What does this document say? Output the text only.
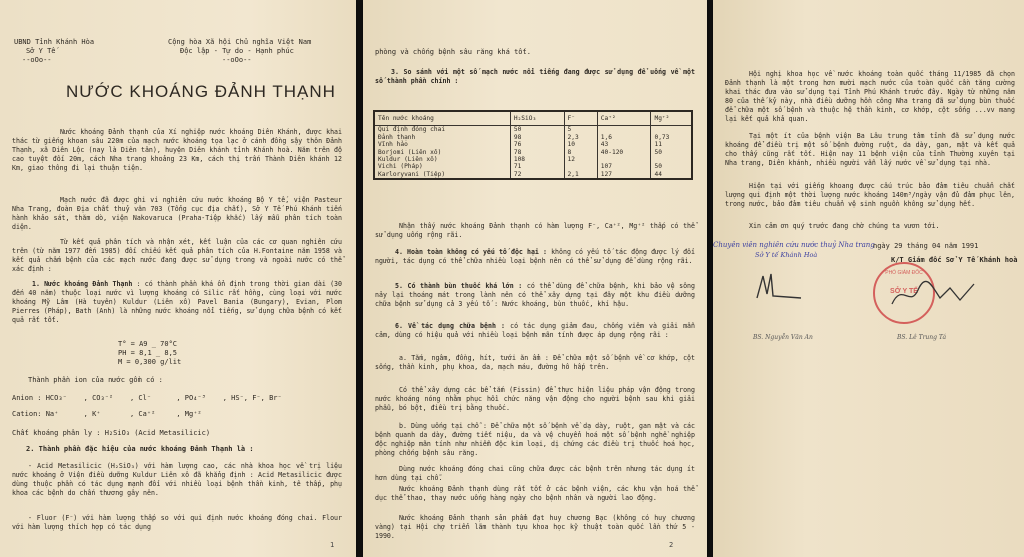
UBND Tỉnh Khánh Hòa
Sở Y Tế
--oOo--
Cộng hòa Xã hội Chủ nghĩa Việt Nam
Độc lập - Tự do - Hạnh phúc
--oOo--
NƯỚC KHOÁNG ĐẢNH THẠNH
Nước khoáng Đảnh thạnh của Xí nghiệp nước khoáng Diên Khánh, được khai thác từ giếng khoan sâu 220m của mạch nước khoáng tọa lạc ở cánh đồng sậy thôn Đảnh Thạnh, xã Diên Lộc (nay là Diên tân), huyện Diên khánh tỉnh Khánh hoà. Năm trên độ cao tuyệt đối 20m, cách Nha trang khoảng 23 Km, cách thị trấn Thành Diên khánh 12 Km, giao thông đi lại thuận tiện.
Mạch nước đã được ghi vi nghiên cứu nước khoáng Bộ Y tế, viện Pasteur Nha Trang, đoàn Địa chất thuỷ văn 703 (Tổng cục địa chất), Sở Y Tế Phú Khánh tiến hành khảo sát, thăm dò, viện Nakovaruca (Praha-Tiệp khắc) lấy mẫu phân tích toàn diện.
Từ kết quả phân tích và nhận xét, kết luận của các cơ quan nghiên cứu trên (từ năm 1977 đến 1985) đối chiếu kết quả phân tích của H.Fontaine năm 1958 và kết quả chấm bệnh của các mạch nước đang được sử dụng trong và ngoài nước có thể xác định :
1. Nước khoáng Đảnh Thạnh : có thành phần khá ổn định trong thời gian dài (30 đến 40 năm) thuộc loại nước vì lượng khoáng có Silic rất hồng, cùng loại với nước khoáng Mỹ Lâm (Hà tuyên) Kuldur (Liên xô) Pavel Bania (Bungary), Evian, Plom Pierres (Pháp), Bath (Anh) là những nước khoáng nổi tiếng, sử dụng chữa bệnh có kết quả rất tốt.
T° = A9 _ 70°C
PH = 8,1 _ 8,5
M = 0,300 g/lit
Thành phần ion của nước gồm có :
Anion : HCO₃⁻    , CO₃⁻²    , Cl⁻      , PO₄⁻³    , HS⁻, F⁻, Br⁻
Cation: Na⁺      , K⁺       , Ca⁺²     , Mg⁺²
Chất khoáng phân ly : H₂SiO₃ (Acid Metasilicic)
2. Thành phần đặc hiệu của nước khoáng Đảnh Thạnh là :
- Acid Metasilicic (H₂SiO₃) với hàm lượng cao, các nhà khoa học về trị liệu nước khoáng ở Viện điều dưỡng Kuldur Liên xô đã khẳng định : Acid Metasilicic được dùng thuộc phần có tác dụng mạnh đối với nhiều loại bệnh thần kinh, tê thấp, phụ khoa các bệnh do chấn thương gây nên.
- Fluor (F⁻) với hàm lượng thấp so với qui định nước khoáng đóng chai. Flour với hàm lượng thích hợp có tác dụng
1
phòng và chống bệnh sâu răng khá tốt.
3. So sánh với một số mạch nước nổi tiếng đang được sử dụng để uống về một số thành phần chính :
Tên nước khoáng	H₂SiO₃	F⁻	Ca⁺²	Mg⁺²
Qui định đóng chai	50	5		
Đảnh thạnh	98	2,3	1,6	0,73
Vĩnh hảo	76	10	43	11
Borjomi (Liên xô)	78	8	40-120	50
Kuldur (Liên xô)	108	12		
Vichi (Pháp)	71		107	50
Karloryvani (Tiệp)	72	2,1	127	44
Nhận thấy nước khoáng Đảnh thạnh có hàm lượng F⁻, Ca⁺², Mg⁺² thấp có thể sử dụng uống rộng rãi.
4. Hoàn toàn không có yếu tố độc hại : không có yếu tố tác động được lý đối người, tác dụng có thể chữa nhiều loại bệnh nên có thể sử dụng để dùng rộng rãi.
5. Có thành bùn thuốc khá lớn : có thể dùng để chữa bệnh, khi bảo vệ sông nảy lại thoáng mát trong lành nên có thể xây dựng tại đây một khu điều dưỡng chữa bệnh sử dụng cả 3 yếu tố : Nước khoáng, bùn thuốc, khí hậu.
6. Về tác dụng chữa bệnh : có tác dụng giảm đau, chống viêm và giải mẫn cảm, dùng có hiệu quả với nhiều loại bệnh mãn tính được áp dụng rộng rãi :
a. Tắm, ngâm, đồng, hít, tưới ăn ẩm : Để chữa một số bệnh về cơ khớp, cột sống, thần kinh, phụ khoa, da, mạch máu, đường hô hấp trên.
Có thể xây dựng các bể tắm (Fissin) để thực hiện liệu pháp vận động trong nước khoáng nóng nhằm phục hồi chức năng vận động cho người bệnh sau khi giải phẫu, bó bột, điều trị bằng thuốc.
b. Dùng uống tại chỗ : Để chữa một số bệnh về dạ dày, ruột, gan mật và các bệnh quanh da dày, đường tiết niệu, da và vệ chuyển hoá một số bệnh nghề nghiệp độc nghiệp mãn tính như nhiễm độc kim loại, dị chứng các điều trị thuốc hoá học, phòng chống bệnh sâu răng.
Dùng nước khoáng đóng chai cũng chữa được các bệnh trên nhưng tác dụng ít hơn dùng tại chỗ.
Nước khoáng Đảnh thạnh dùng rất tốt ở các bệnh viện, các khu vận hoá thể dục thể thao, thay nước uống hàng ngày cho bệnh nhân và người lao động.
Nước khoáng Đảnh thạnh sản phẩm đạt huy chương Bạc (không có huy chương vàng) tại Hội chợ triển lãm thành tựu khoa học kỹ thuật toàn quốc lần thứ 5 - 1990.
2
Hội nghị khoa học về nước khoáng toàn quốc tháng 11/1985 đã chọn Đảnh thạnh là một trong hơn mười mạch nước của toàn quốc cần tăng cường khai thác đưa vào sử dụng tại Tỉnh Phú Khánh trước đây. Ngày từ những năm 80 của thế kỷ này, nhà điều dưỡng hồn công Nha trang đã sử dụng bùn thuốc để chữa một số bệnh và thuộc hệ thần kinh, cơ khớp, cột sống ...vv mang lại kết quả khả quan.
Tại một ít của bệnh viện Ba Lâu trung tâm tỉnh đã sử dụng nước khoáng để điều trị một số bệnh đường ruột, da dày, gan, mật và kết quả cho thấy cũng rất tốt. Hiện nay 11 bệnh viện của tỉnh Thường xuyên tại Nha trang, Diên khánh, nhiều người vẫn lấy nước về sử dụng tại nhà.
Hiện tại với giếng khoang được cấu trúc bảo đảm tiêu chuẩn chất lượng qui định một thời lượng nước khoáng 140m³/ngày vận đủ đảm phục lên, trong nước, bảo đảm tiêu chuẩn vệ sinh nguồn không sử dụng hết.
Xin cảm ơn quý trước đang chờ chúng ta vươn tới.
Chuyên viên nghiên cứu nước thuỷ Nha trang
ngày 29 tháng 04 năm 1991
Sở Y tế Khánh Hoà
K/T Giám đốc Sở Y Tế Khánh hoà
PHÓ GIÁM ĐỐC
SỞ Y TẾ
BS. Nguyễn Văn An	BS. Lê Trung Tá
